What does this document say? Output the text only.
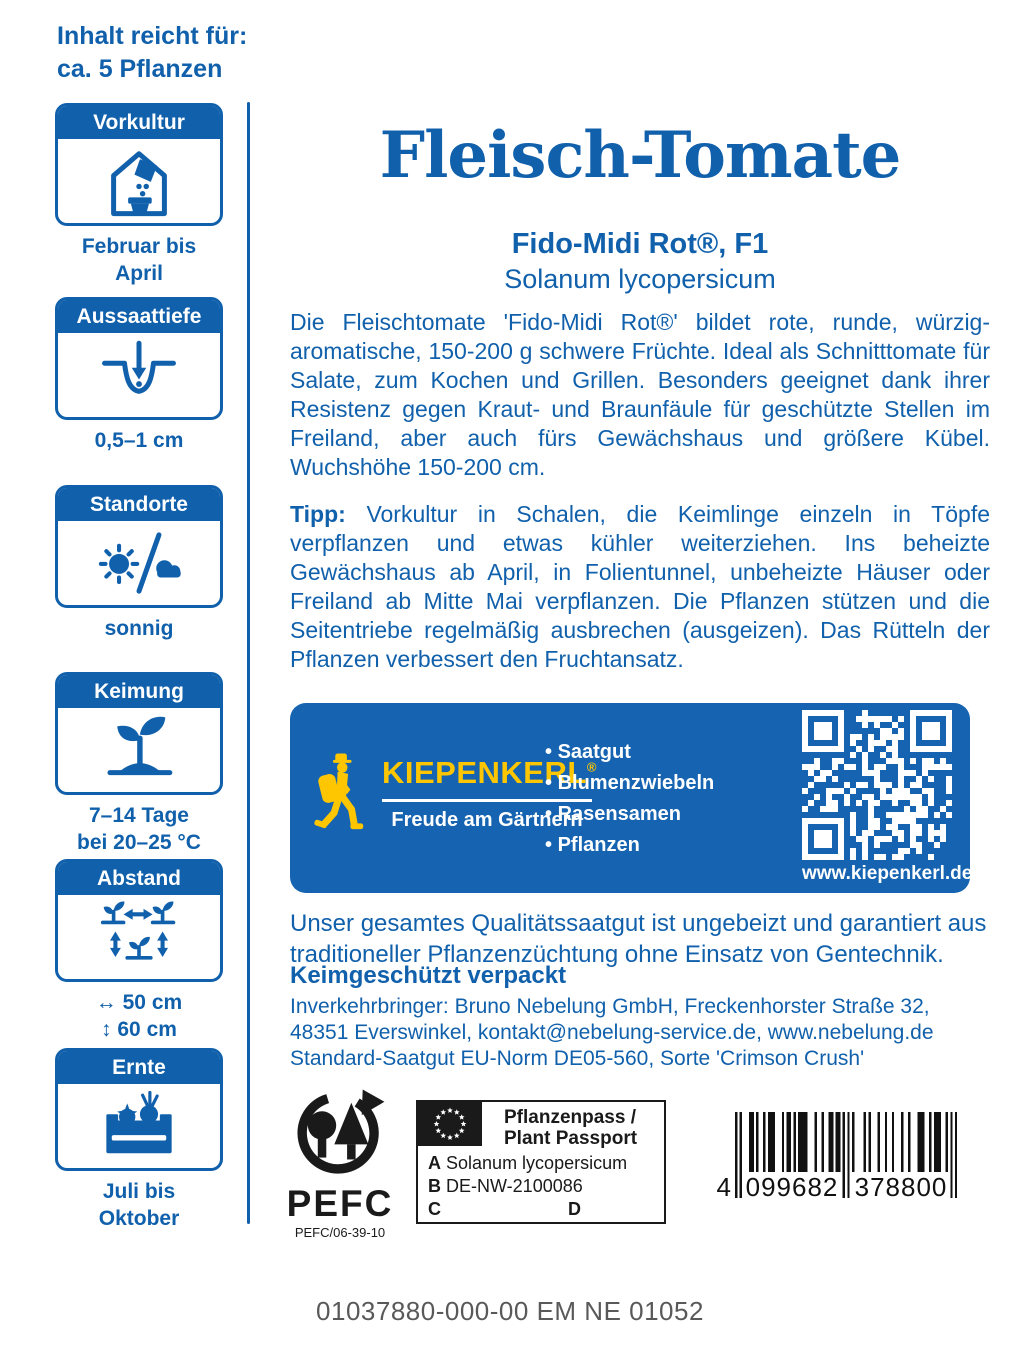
Inhalt reicht für:
ca. 5 Pflanzen
Vorkultur
Februar bis
April
Aussaattiefe
0,5–1 cm
Standorte
sonnig
Keimung
7–14 Tage
bei 20–25 °C
Abstand
↔ 50 cm
↕ 60 cm
Ernte
Juli bis
Oktober
Fleisch-Tomate
Fido-Midi Rot®, F1
Solanum lycopersicum

Die Fleischtomate 'Fido-Midi Rot®' bildet rote, runde, würzig-aromatische, 150-200 g schwere Früchte. Ideal als Schnitttomate für Salate, zum Kochen und Grillen. Besonders geeignet dank ihrer Resistenz gegen Kraut- und Braunfäule für geschützte Stellen im Freiland, aber auch fürs Gewächshaus und größere Kübel. Wuchshöhe 150-200 cm.

Tipp: Vorkultur in Schalen, die Keimlinge einzeln in Töpfe verpflanzen und etwas kühler weiterziehen. Ins beheizte Gewächshaus ab April, in Folientunnel, unbeheizte Häuser oder Freiland ab Mitte Mai verpflanzen. Die Pflanzen stützen und die Seitentriebe regelmäßig ausbrechen (ausgeizen). Das Rütteln der Pflanzen verbessert den Fruchtansatz.

KIEPENKERL®
Freude am Gärtnern
• Saatgut
• Blumenzwiebeln
• Rasensamen
• Pflanzen
www.kiepenkerl.de

Unser gesamtes Qualitätssaatgut ist ungebeizt und garantiert aus traditioneller Pflanzenzüchtung ohne Einsatz von Gentechnik.

Keimgeschützt verpackt

Inverkehrbringer: Bruno Nebelung GmbH, Freckenhorster Straße 32, 48351 Everswinkel, kontakt@nebelung-service.de, www.nebelung.de
Standard-Saatgut EU-Norm DE05-560, Sorte 'Crimson Crush'

PEFC
PEFC/06-39-10
Pflanzenpass /
Plant Passport
A Solanum lycopersicum
B DE-NW-2100086
C	D
4 099682 378800
01037880-000-00 EM NE 01052
